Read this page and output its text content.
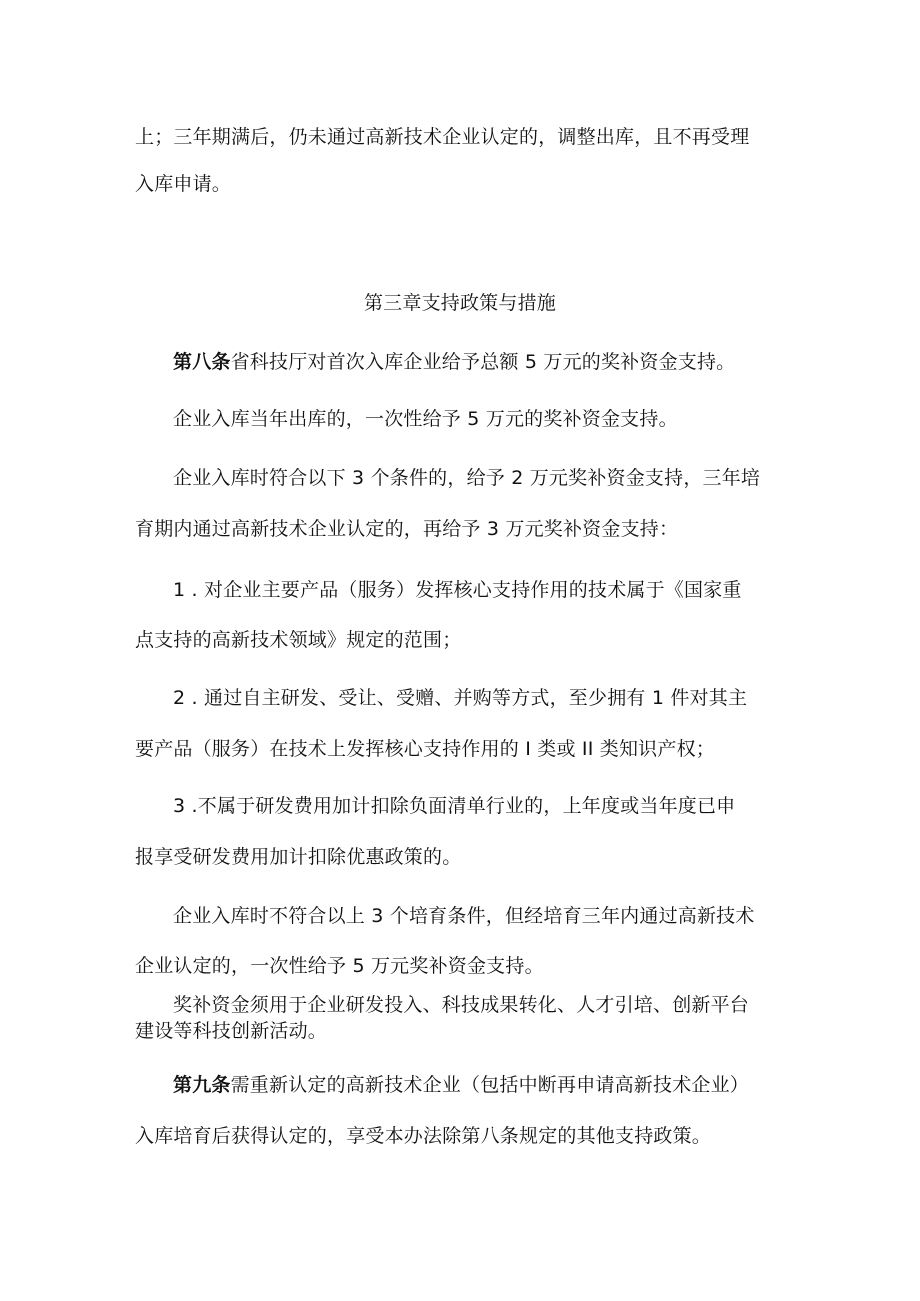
上；三年期满后，仍未通过高新技术企业认定的，调整出库，且不再受理
入库申请。
第三章支持政策与措施
第八条省科技厅对首次入库企业给予总额 5 万元的奖补资金支持。
企业入库当年出库的，一次性给予 5 万元的奖补资金支持。
企业入库时符合以下 3 个条件的，给予 2 万元奖补资金支持，三年培
育期内通过高新技术企业认定的，再给予 3 万元奖补资金支持：
1 . 对企业主要产品（服务）发挥核心支持作用的技术属于《国家重
点支持的高新技术领域》规定的范围；
2 . 通过自主研发、受让、受赠、并购等方式，至少拥有 1 件对其主
要产品（服务）在技术上发挥核心支持作用的 I 类或 II 类知识产权；
3 .不属于研发费用加计扣除负面清单行业的，上年度或当年度已申
报享受研发费用加计扣除优惠政策的。
企业入库时不符合以上 3 个培育条件，但经培育三年内通过高新技术
企业认定的，一次性给予 5 万元奖补资金支持。
奖补资金须用于企业研发投入、科技成果转化、人才引培、创新平台
建设等科技创新活动。
第九条需重新认定的高新技术企业（包括中断再申请高新技术企业）
入库培育后获得认定的，享受本办法除第八条规定的其他支持政策。
